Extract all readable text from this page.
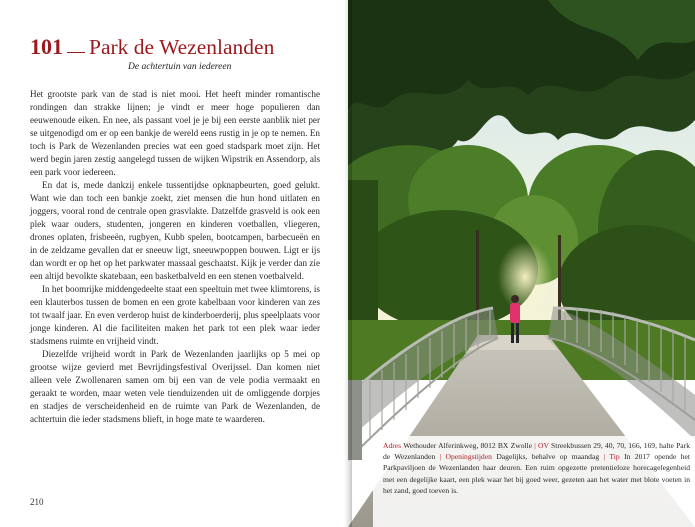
101 Park de Wezenlanden
De achtertuin van iedereen

Het grootste park van de stad is niet mooi. Het heeft minder romantische rondingen dan strakke lijnen; je vindt er meer hoge populieren dan eeuwenoude eiken. En nee, als passant voel je je bij een eerste aanblik niet per se uitgenodigd om er op een bankje de wereld eens rustig in je op te nemen. En toch is Park de Wezenlanden precies wat een goed stadspark moet zijn. Het werd begin jaren zestig aangelegd tussen de wijken Wipstrik en Assendorp, als een park voor iedereen.

En dat is, mede dankzij enkele tussentijdse opknapbeurten, goed gelukt. Want wie dan toch een bankje zoekt, ziet mensen die hun hond uitlaten en joggers, vooral rond de centrale open grasvlakte. Datzelfde grasveld is ook een plek waar ouders, studenten, jongeren en kinderen voetballen, vliegeren, drones oplaten, frisbeeën, rugbyen, Kubb spelen, bootcampen, barbecueën en in de zeldzame gevallen dat er sneeuw ligt, sneeuwpoppen bouwen. Ligt er ijs dan wordt er op het op het parkwater massaal geschaatst. Kijk je verder dan zie een altijd bevolkte skatebaan, een basketbalveld en een stenen voetbalveld.

In het boomrijke middengedeelte staat een speeltuin met twee klimtorens, is een klauterbos tussen de bomen en een grote kabelbaan voor kinderen van zes tot twaalf jaar. En even verderop huist de kinderboerderij, plus speelplaats voor jonge kinderen. Al die faciliteiten maken het park tot een plek waar ieder stadsmens ruimte en vrijheid vindt.

Diezelfde vrijheid wordt in Park de Wezenlanden jaarlijks op 5 mei op grootse wijze gevierd met Bevrijdingsfestival Overijssel. Dan komen niet alleen vele Zwollenaren samen om bij een van de vele podia vermaakt en geraakt te worden, maar weten vele tienduizenden uit de omliggende dorpjes en stadjes de verscheidenheid en de ruimte van Park de Wezenlanden, de achtertuin die ieder stadsmens blieft, in hoge mate te waarderen.

210
Adres Wethouder Alferinkweg, 8012 BX Zwolle | OV Streekbussen 29, 40, 70, 166, 169, halte Park de Wezenlanden | Openingstijden Dagelijks, behalve op maandag | Tip In 2017 opende het Parkpaviljoen de Wezenlanden haar deuren. Een ruim opgezette pretentieloze horecagelegenheid met een degelijke kaart, een plek waar het bij goed weer, gezeten aan het water met blote voeten in het zand, goed toeven is.
